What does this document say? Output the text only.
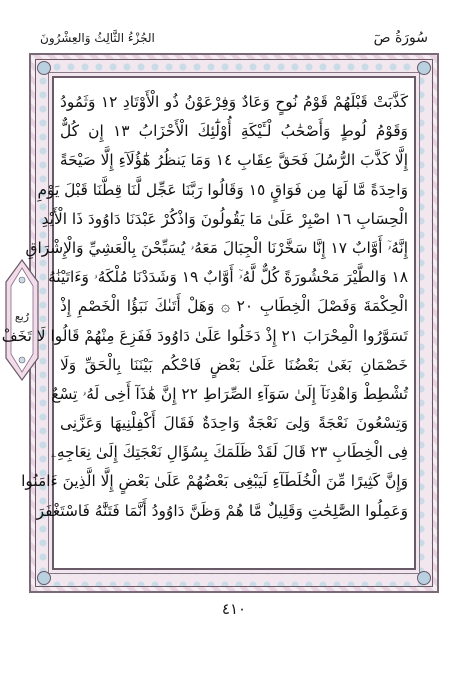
سُورَةُ صٓ
الجُزْءُ الثَّالِثُ وَالعِشْرُونَ
رُبع
كَذَّبَتْ قَبْلَهُمْ قَوْمُ نُوحٍ وَعَادٌ وَفِرْعَوْنُ ذُو الْأَوْتَادِ ١٢ وَثَمُودُ
وَقَوْمُ لُوطٍ وَأَصْحَٰبُ لْـَٔيْكَةِ أُوْلَٰٓئِكَ الْأَحْزَابُ ١٣ إِن كُلٌّ
إِلَّا كَذَّبَ الرُّسُلَ فَحَقَّ عِقَابِ ١٤ وَمَا يَنظُرُ هَٰٓؤُلَآءِ إِلَّا صَيْحَةً
وَاحِدَةً مَّا لَهَا مِن فَوَاقٍ ١٥ وَقَالُوا رَبَّنَا عَجِّل لَّنَا قِطَّنَا قَبْلَ يَوْمِ
الْحِسَابِ ١٦ اصْبِرْ عَلَىٰ مَا يَقُولُونَ وَاذْكُرْ عَبْدَنَا دَاوُودَ ذَا الْأَيْدِ
إِنَّهُۥٓ أَوَّابٌ ١٧ إِنَّا سَخَّرْنَا الْجِبَالَ مَعَهُۥ يُسَبِّحْنَ بِالْعَشِيِّ وَالْإِشْرَاقِ
١٨ وَالطَّيْرَ مَحْشُورَةً كُلٌّ لَّهُۥٓ أَوَّابٌ ١٩ وَشَدَدْنَا مُلْكَهُۥ وَءَاتَيْنَٰهُ
الْحِكْمَةَ وَفَصْلَ الْخِطَابِ ٢٠ ۞ وَهَلْ أَتَىٰكَ نَبَؤُا الْخَصْمِ إِذْ
تَسَوَّرُوا الْمِحْرَابَ ٢١ إِذْ دَخَلُوا عَلَىٰ دَاوُودَ فَفَزِعَ مِنْهُمْ قَالُوا لَا تَخَفْ
خَصْمَانِ بَغَىٰ بَعْضُنَا عَلَىٰ بَعْضٍ فَاحْكُم بَيْنَنَا بِالْحَقِّ وَلَا
تُشْطِطْ وَاهْدِنَآ إِلَىٰ سَوَآءِ الصِّرَاطِ ٢٢ إِنَّ هَٰذَآ أَخِى لَهُۥ تِسْعٌ
وَتِسْعُونَ نَعْجَةً وَلِىَ نَعْجَةٌ وَاحِدَةٌ فَقَالَ أَكْفِلْنِيهَا وَعَزَّنِى
فِى الْخِطَابِ ٢٣ قَالَ لَقَدْ ظَلَمَكَ بِسُؤَالِ نَعْجَتِكَ إِلَىٰ نِعَاجِهِۦ
وَإِنَّ كَثِيرًا مِّنَ الْخُلَطَآءِ لَيَبْغِى بَعْضُهُمْ عَلَىٰ بَعْضٍ إِلَّا الَّذِينَ ءَامَنُوا
وَعَمِلُوا الصَّٰلِحَٰتِ وَقَلِيلٌ مَّا هُمْ وَظَنَّ دَاوُودُ أَنَّمَا فَتَنَّٰهُ فَاسْتَغْفَرَ
٤١٠
